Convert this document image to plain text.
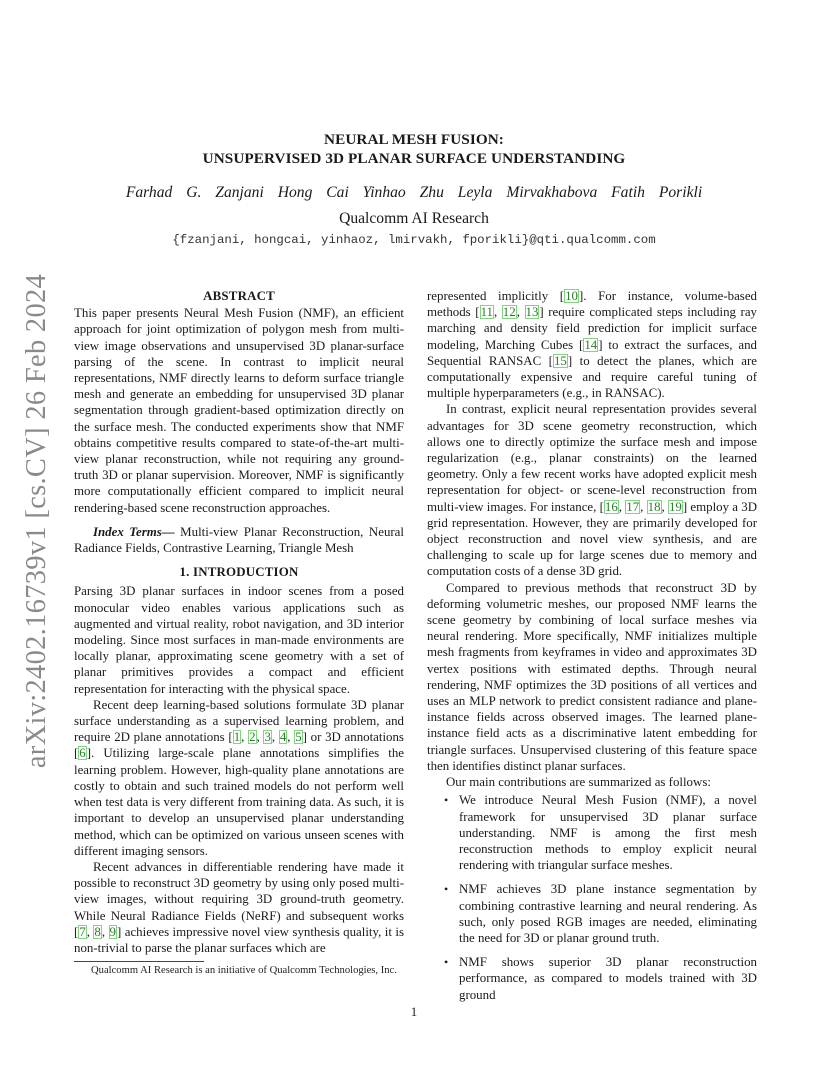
arXiv:2402.16739v1 [cs.CV] 26 Feb 2024
NEURAL MESH FUSION:
UNSUPERVISED 3D PLANAR SURFACE UNDERSTANDING
Farhad G. Zanjani Hong Cai Yinhao Zhu Leyla Mirvakhabova Fatih Porikli
Qualcomm AI Research
{fzanjani, hongcai, yinhaoz, lmirvakh, fporikli}@qti.qualcomm.com
ABSTRACT

This paper presents Neural Mesh Fusion (NMF), an efficient approach for joint optimization of polygon mesh from multi-view image observations and unsupervised 3D planar-surface parsing of the scene. In contrast to implicit neural representations, NMF directly learns to deform surface triangle mesh and generate an embedding for unsupervised 3D planar segmentation through gradient-based optimization directly on the surface mesh. The conducted experiments show that NMF obtains competitive results compared to state-of-the-art multi-view planar reconstruction, while not requiring any ground-truth 3D or planar supervision. Moreover, NMF is significantly more computationally efficient compared to implicit neural rendering-based scene reconstruction approaches.

Index Terms— Multi-view Planar Reconstruction, Neural Radiance Fields, Contrastive Learning, Triangle Mesh

1. INTRODUCTION

Parsing 3D planar surfaces in indoor scenes from a posed monocular video enables various applications such as augmented and virtual reality, robot navigation, and 3D interior modeling. Since most surfaces in man-made environments are locally planar, approximating scene geometry with a set of planar primitives provides a compact and efficient representation for interacting with the physical space.

Recent deep learning-based solutions formulate 3D planar surface understanding as a supervised learning problem, and require 2D plane annotations [1, 2, 3, 4, 5] or 3D annotations [6]. Utilizing large-scale plane annotations simplifies the learning problem. However, high-quality plane annotations are costly to obtain and such trained models do not perform well when test data is very different from training data. As such, it is important to develop an unsupervised planar understanding method, which can be optimized on various unseen scenes with different imaging sensors.

Recent advances in differentiable rendering have made it possible to reconstruct 3D geometry by using only posed multi-view images, without requiring 3D ground-truth geometry. While Neural Radiance Fields (NeRF) and subsequent works [7, 8, 9] achieves impressive novel view synthesis quality, it is non-trivial to parse the planar surfaces which are

represented implicitly [10]. For instance, volume-based methods [11, 12, 13] require complicated steps including ray marching and density field prediction for implicit surface modeling, Marching Cubes [14] to extract the surfaces, and Sequential RANSAC [15] to detect the planes, which are computationally expensive and require careful tuning of multiple hyperparameters (e.g., in RANSAC).

In contrast, explicit neural representation provides several advantages for 3D scene geometry reconstruction, which allows one to directly optimize the surface mesh and impose regularization (e.g., planar constraints) on the learned geometry. Only a few recent works have adopted explicit mesh representation for object- or scene-level reconstruction from multi-view images. For instance, [16, 17, 18, 19] employ a 3D grid representation. However, they are primarily developed for object reconstruction and novel view synthesis, and are challenging to scale up for large scenes due to memory and computation costs of a dense 3D grid.

Compared to previous methods that reconstruct 3D by deforming volumetric meshes, our proposed NMF learns the scene geometry by combining of local surface meshes via neural rendering. More specifically, NMF initializes multiple mesh fragments from keyframes in video and approximates 3D vertex positions with estimated depths. Through neural rendering, NMF optimizes the 3D positions of all vertices and uses an MLP network to predict consistent radiance and plane-instance fields across observed images. The learned plane-instance field acts as a discriminative latent embedding for triangle surfaces. Unsupervised clustering of this feature space then identifies distinct planar surfaces.

Our main contributions are summarized as follows:

• We introduce Neural Mesh Fusion (NMF), a novel framework for unsupervised 3D planar surface understanding. NMF is among the first mesh reconstruction methods to employ explicit neural rendering with triangular surface meshes.
• NMF achieves 3D plane instance segmentation by combining contrastive learning and neural rendering. As such, only posed RGB images are needed, eliminating the need for 3D or planar ground truth.
• NMF shows superior 3D planar reconstruction performance, as compared to models trained with 3D ground
Qualcomm AI Research is an initiative of Qualcomm Technologies, Inc.
1
